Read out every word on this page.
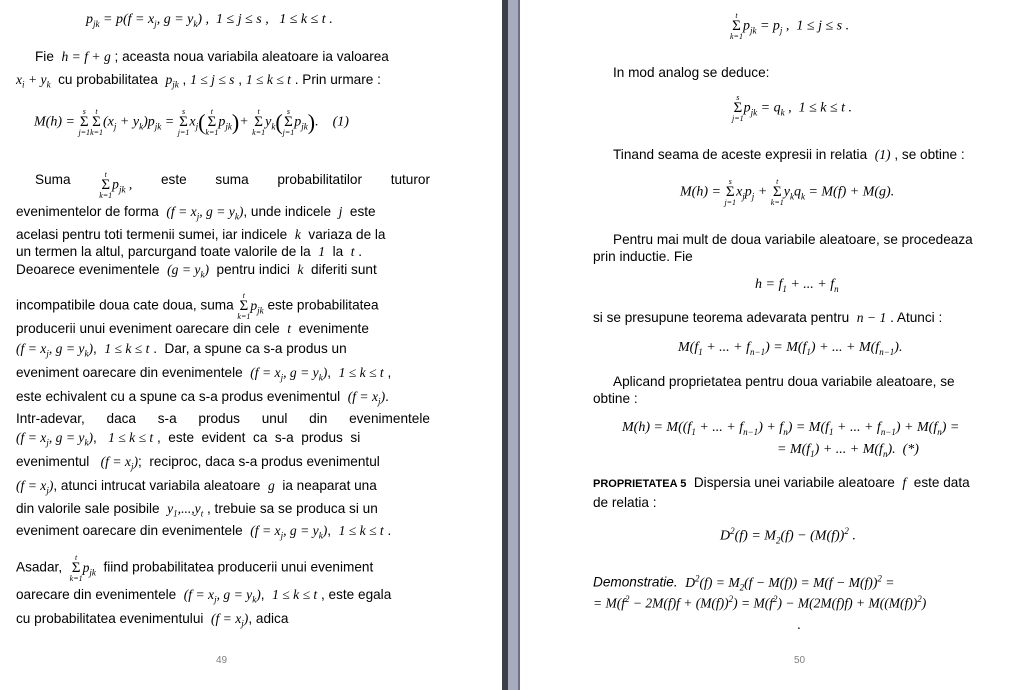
$p_{jk} = p(f = x_j$, $g = y_k$) ,  1 ≤ j ≤ s ,   1 ≤ k ≤ t .
Fie  h = f + g ; aceasta noua variabila aleatoare ia valoarea
$x_i + y_k$  cu probabilitatea  $p_{jk}$ , 1 ≤ j ≤ s , 1 ≤ k ≤ t . Prin urmare :
M(h) =
s
Σ
j=1
t
Σ
k=1
$(x_j + y_k)p_{jk}$ =
s
Σ
j=1
$x_j$( t
Σ
k=1
$p_{jk})+$
t
Σ
k=1
$y_k$( s
Σ
j=1
$p_{jk}$).    (1)
Suma	t
Σ
k=1
$p_{jk}$ , este suma probabilitatilor tuturor
evenimentelor de forma  ($f = x_j$, $g = y_k$), unde indicele  j  este
acelasi pentru toti termenii sumei, iar indicele  k  variaza de la
un termen la altul, parcurgand toate valorile de la  1  la  t .
Deoarece evenimentele  $(g = y_k)$  pentru indici  k  diferiti sunt
incompatibile doua cate doua, suma
t
Σ
k=1
$p_{jk}$ este probabilitatea
producerii unui eveniment oarecare din cele  t  evenimente
($f = x_j$, $g = y_k$),  1 ≤ k ≤ t .  Dar, a spune ca s-a produs un
eveniment oarecare din evenimentele  ($f = x_j$, $g = y_k$),  1 ≤ k ≤ t ,
este echivalent cu a spune ca s-a produs evenimentul  $(f = x_j)$.
Intr-adevar, daca s-a produs unul din evenimentele
($f = x_j$, $g = y_k$),   1 ≤ k ≤ t ,  este  evident  ca  s-a  produs  si
evenimentul   $(f = x_j)$;  reciproc, daca s-a produs evenimentul
$(f = x_j)$, atunci intrucat variabila aleatoare  g  ia neaparat una
din valorile sale posibile  $y_1,...,y_t$ , trebuie sa se produca si un
eveniment oarecare din evenimentele  ($f = x_j$, $g = y_k$),  1 ≤ k ≤ t .
Asadar,
t
Σ
k=1
$p_{jk}$  fiind probabilitatea producerii unui eveniment
oarecare din evenimentele  ($f = x_j$, $g = y_k$),  1 ≤ k ≤ t , este egala
cu probabilitatea evenimentului  $(f = x_j)$, adica
49
t
Σ
k=1
$p_{jk} = p_j$ ,  1 ≤ j ≤ s .
In mod analog se deduce:
s
Σ
j=1
$p_{jk} = q_k$ ,  1 ≤ k ≤ t .
Tinand seama de aceste expresii in relatia  (1) , se obtine :
M(h) =
s
Σ
j=1
$x_jp_j$ +
t
Σ
k=1
$y_kq_k = M(f) + M(g)$.
Pentru mai mult de doua variabile aleatoare, se procedeaza
prin inductie. Fie
$h = f_1$ + ... + $f_n$
si se presupune teorema adevarata pentru  n − 1 . Atunci :
$M(f_1$ + ... + $f_{n-1}) = M(f_1)$ + ... + $M(f_{n-1})$.
Aplicand proprietatea pentru doua variabile aleatoare, se
obtine :
$M(h) = M((f_1$ + ... + $f_{n-1}) + f_n) = M(f_1$ + ... + $f_{n-1}) + M(f_n)$ =
= $M(f_1)$ + ... + $M(f_n)$.  (*)
PROPRIETATEA 5  Dispersia unei variabile aleatoare  f  este data
de relatia :
$D^2(f) = M_2(f) - (M(f))^2$ .
Demonstratie. $D^2(f) = M_2(f - M(f)) = M(f - M(f))^2$ =
= $M(f^2 - 2M(f)f + (M(f))^2) = M(f^2) - M(2M(f)f) + M((M(f))^2)$
.
50
